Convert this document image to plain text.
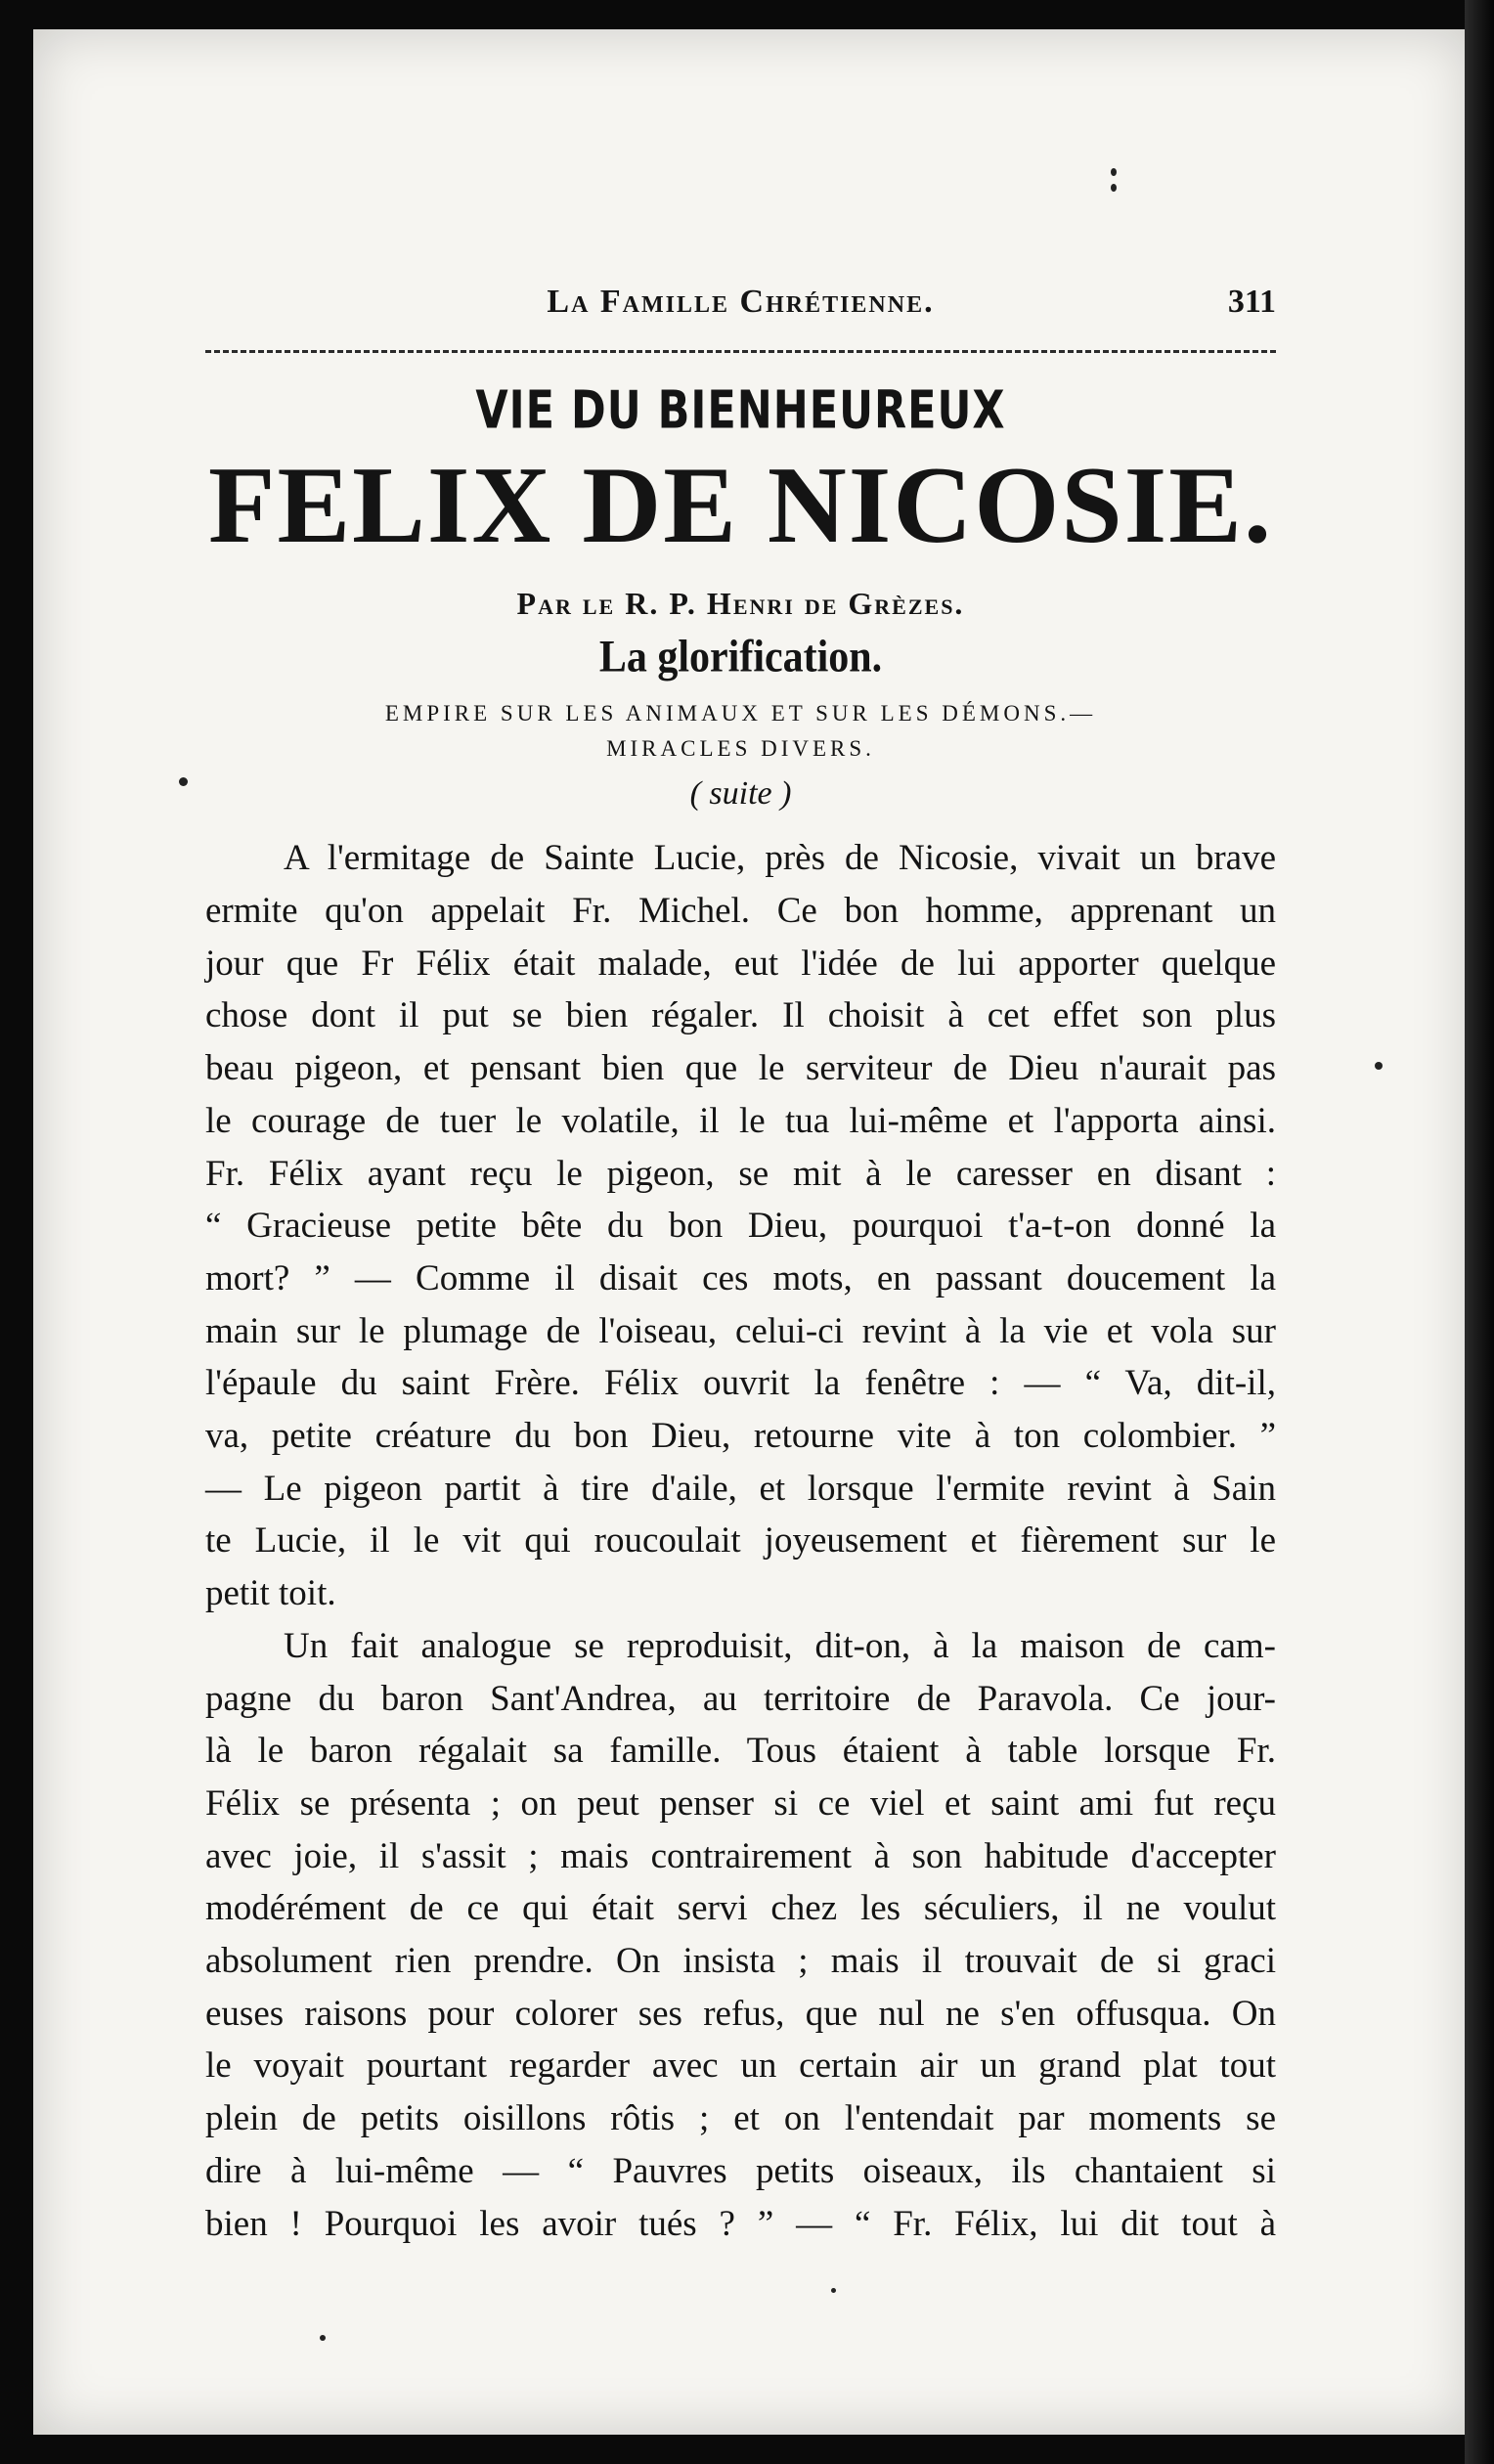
La Famille Chrétienne.	311
VIE DU BIENHEUREUX
FELIX DE NICOSIE.
Par le R. P. Henri de Grèzes.
La glorification.
EMPIRE SUR LES ANIMAUX ET SUR LES DÉMONS.—
MIRACLES DIVERS.
( suite )

A l'ermitage de Sainte Lucie, près de Nicosie, vivait un brave
ermite qu'on appelait Fr. Michel. Ce bon homme, apprenant un
jour que Fr Félix était malade, eut l'idée de lui apporter quelque
chose dont il put se bien régaler. Il choisit à cet effet son plus
beau pigeon, et pensant bien que le serviteur de Dieu n'aurait pas
le courage de tuer le volatile, il le tua lui-même et l'apporta ainsi.
Fr. Félix ayant reçu le pigeon, se mit à le caresser en disant :
“ Gracieuse petite bête du bon Dieu, pourquoi t'a-t-on donné la
mort? ” — Comme il disait ces mots, en passant doucement la
main sur le plumage de l'oiseau, celui-ci revint à la vie et vola sur
l'épaule du saint Frère. Félix ouvrit la fenêtre : — “ Va, dit-il,
va, petite créature du bon Dieu, retourne vite à ton colombier. ”
— Le pigeon partit à tire d'aile, et lorsque l'ermite revint à Sain
te Lucie, il le vit qui roucoulait joyeusement et fièrement sur le
petit toit.

Un fait analogue se reproduisit, dit-on, à la maison de cam-
pagne du baron Sant'Andrea, au territoire de Paravola. Ce jour-
là le baron régalait sa famille. Tous étaient à table lorsque Fr.
Félix se présenta ; on peut penser si ce viel et saint ami fut reçu
avec joie, il s'assit ; mais contrairement à son habitude d'accepter
modérément de ce qui était servi chez les séculiers, il ne voulut
absolument rien prendre. On insista ; mais il trouvait de si graci
euses raisons pour colorer ses refus, que nul ne s'en offusqua. On
le voyait pourtant regarder avec un certain air un grand plat tout
plein de petits oisillons rôtis ; et on l'entendait par moments se
dire à lui-même — “ Pauvres petits oiseaux, ils chantaient si
bien ! Pourquoi les avoir tués ? ” — “ Fr. Félix, lui dit tout à
